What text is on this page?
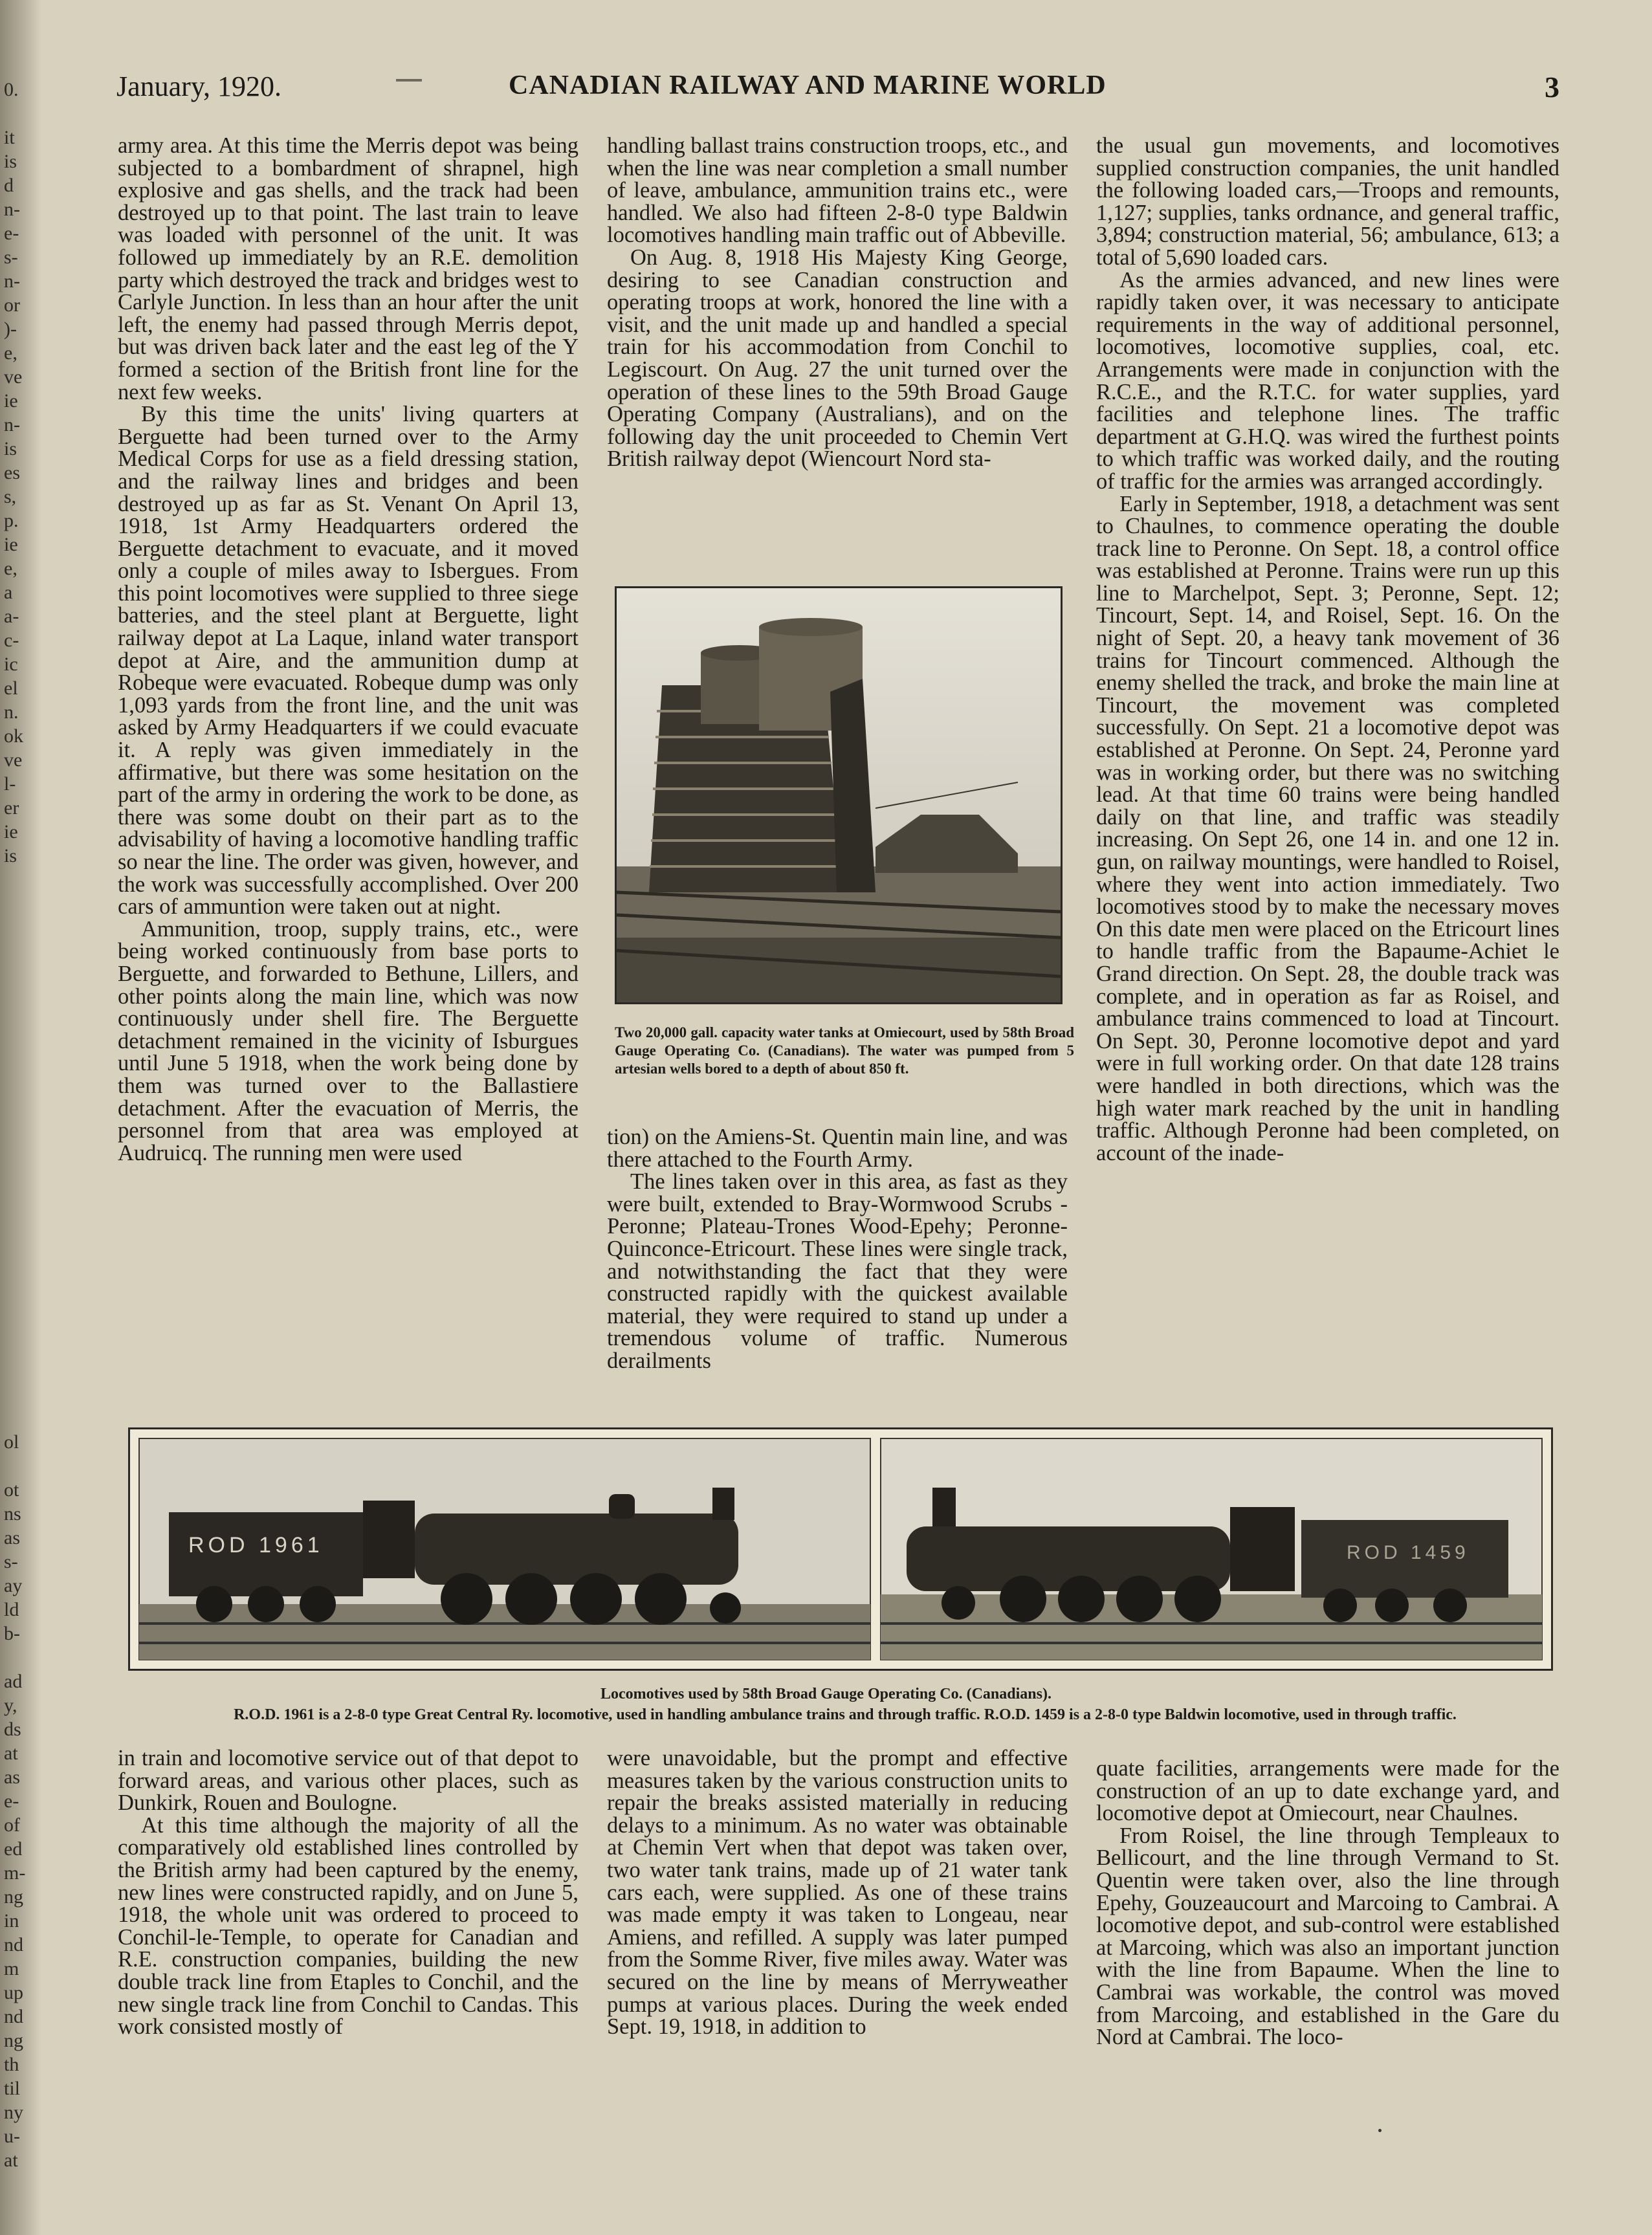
0.

it
is
d
n-
e-
s-
n-
or
)-
e,
ve
ie
n-
is
es
s,
p.
ie
e,
a
a-
c-
ic
el
n.
ok
ve
l-
er
ie
is
ol

ot
ns
as
s-
ay
ld
b-

ad
y,
ds
at
as
e-
of
ed
m-
ng
in
nd
m
up
nd
ng
th
til
ny
u-
at
January, 1920.	CANADIAN RAILWAY AND MARINE WORLD	3

army area. At this time the Merris depot was being subjected to a bombardment of shrapnel, high explosive and gas shells, and the track had been destroyed up to that point. The last train to leave was loaded with personnel of the unit. It was followed up immediately by an R.E. demolition party which destroyed the track and bridges west to Carlyle Junction. In less than an hour after the unit left, the enemy had passed through Merris depot, but was driven back later and the east leg of the Y formed a section of the British front line for the next few weeks.

By this time the units' living quarters at Berguette had been turned over to the Army Medical Corps for use as a field dressing station, and the railway lines and bridges and been destroyed up as far as St. Venant On April 13, 1918, 1st Army Headquarters ordered the Berguette detachment to evacuate, and it moved only a couple of miles away to Isbergues. From this point locomotives were supplied to three siege batteries, and the steel plant at Berguette, light railway depot at La Laque, inland water transport depot at Aire, and the ammunition dump at Robeque were evacuated. Robeque dump was only 1,093 yards from the front line, and the unit was asked by Army Headquarters if we could evacuate it. A reply was given immediately in the affirmative, but there was some hesitation on the part of the army in ordering the work to be done, as there was some doubt on their part as to the advisability of having a locomotive handling traffic so near the line. The order was given, however, and the work was successfully accomplished. Over 200 cars of ammuntion were taken out at night.

Ammunition, troop, supply trains, etc., were being worked continuously from base ports to Berguette, and forwarded to Bethune, Lillers, and other points along the main line, which was now continuously under shell fire. The Berguette detachment remained in the vicinity of Isburgues until June 5 1918, when the work being done by them was turned over to the Ballastiere detachment. After the evacuation of Merris, the personnel from that area was employed at Audruicq. The running men were used

handling ballast trains construction troops, etc., and when the line was near completion a small number of leave, ambulance, ammunition trains etc., were handled. We also had fifteen 2-8-0 type Baldwin locomotives handling main traffic out of Abbeville.

On Aug. 8, 1918 His Majesty King George, desiring to see Canadian construction and operating troops at work, honored the line with a visit, and the unit made up and handled a special train for his accommodation from Conchil to Legiscourt. On Aug. 27 the unit turned over the operation of these lines to the 59th Broad Gauge Operating Company (Australians), and on the following day the unit proceeded to Chemin Vert British railway depot (Wiencourt Nord sta-

Two 20,000 gall. capacity water tanks at Omiecourt, used by 58th Broad Gauge Operating Co. (Canadians). The water was pumped from 5 artesian wells bored to a depth of about 850 ft.

tion) on the Amiens-St. Quentin main line, and was there attached to the Fourth Army.

The lines taken over in this area, as fast as they were built, extended to Bray-Wormwood Scrubs - Peronne; Plateau-Trones Wood-Epehy; Peronne-Quinconce-Etricourt. These lines were single track, and notwithstanding the fact that they were constructed rapidly with the quickest available material, they were required to stand up under a tremendous volume of traffic. Numerous derailments

the usual gun movements, and locomotives supplied construction companies, the unit handled the following loaded cars,—Troops and remounts, 1,127; supplies, tanks ordnance, and general traffic, 3,894; construction material, 56; ambulance, 613; a total of 5,690 loaded cars.

As the armies advanced, and new lines were rapidly taken over, it was necessary to anticipate requirements in the way of additional personnel, locomotives, locomotive supplies, coal, etc. Arrangements were made in conjunction with the R.C.E., and the R.T.C. for water supplies, yard facilities and telephone lines. The traffic department at G.H.Q. was wired the furthest points to which traffic was worked daily, and the routing of traffic for the armies was arranged accordingly.

Early in September, 1918, a detachment was sent to Chaulnes, to commence operating the double track line to Peronne. On Sept. 18, a control office was established at Peronne. Trains were run up this line to Marchelpot, Sept. 3; Peronne, Sept. 12; Tincourt, Sept. 14, and Roisel, Sept. 16. On the night of Sept. 20, a heavy tank movement of 36 trains for Tincourt commenced. Although the enemy shelled the track, and broke the main line at Tincourt, the movement was completed successfully. On Sept. 21 a locomotive depot was established at Peronne. On Sept. 24, Peronne yard was in working order, but there was no switching lead. At that time 60 trains were being handled daily on that line, and traffic was steadily increasing. On Sept 26, one 14 in. and one 12 in. gun, on railway mountings, were handled to Roisel, where they went into action immediately. Two locomotives stood by to make the necessary moves On this date men were placed on the Etricourt lines to handle traffic from the Bapaume-Achiet le Grand direction. On Sept. 28, the double track was complete, and in operation as far as Roisel, and ambulance trains commenced to load at Tincourt. On Sept. 30, Peronne locomotive depot and yard were in full working order. On that date 128 trains were handled in both directions, which was the high water mark reached by the unit in handling traffic. Although Peronne had been completed, on account of the inade-

ROD 1961	ROD 1459
Locomotives used by 58th Broad Gauge Operating Co. (Canadians).
R.O.D. 1961 is a 2-8-0 type Great Central Ry. locomotive, used in handling ambulance trains and through traffic. R.O.D. 1459 is a 2-8-0 type Baldwin locomotive, used in through traffic.

in train and locomotive service out of that depot to forward areas, and various other places, such as Dunkirk, Rouen and Boulogne.

At this time although the majority of all the comparatively old established lines controlled by the British army had been captured by the enemy, new lines were constructed rapidly, and on June 5, 1918, the whole unit was ordered to proceed to Conchil-le-Temple, to operate for Canadian and R.E. construction companies, building the new double track line from Etaples to Conchil, and the new single track line from Conchil to Candas. This work consisted mostly of

were unavoidable, but the prompt and effective measures taken by the various construction units to repair the breaks assisted materially in reducing delays to a minimum. As no water was obtainable at Chemin Vert when that depot was taken over, two water tank trains, made up of 21 water tank cars each, were supplied. As one of these trains was made empty it was taken to Longeau, near Amiens, and refilled. A supply was later pumped from the Somme River, five miles away. Water was secured on the line by means of Merryweather pumps at various places. During the week ended Sept. 19, 1918, in addition to

quate facilities, arrangements were made for the construction of an up to date exchange yard, and locomotive depot at Omiecourt, near Chaulnes.

From Roisel, the line through Templeaux to Bellicourt, and the line through Vermand to St. Quentin were taken over, also the line through Epehy, Gouzeaucourt and Marcoing to Cambrai. A locomotive depot, and sub-control were established at Marcoing, which was also an important junction with the line from Bapaume. When the line to Cambrai was workable, the control was moved from Marcoing, and established in the Gare du Nord at Cambrai. The loco-
